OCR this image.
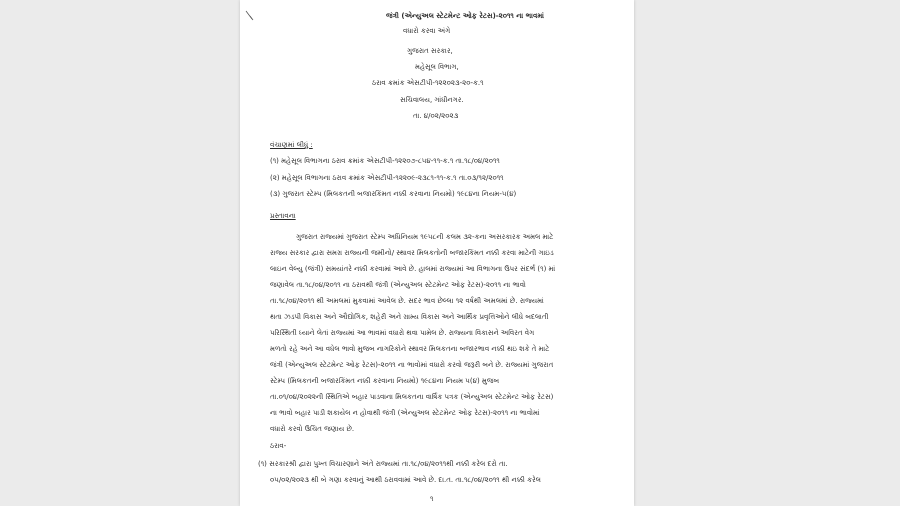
જંત્રી (એન્યુઅલ સ્ટેટમેન્ટ ઓફ રેટસ)-૨૦૧૧ ના ભાવમાં
વધારો કરવા અંગે
ગુજરાત સરકાર,
મહેસૂલ વિભાગ,
ઠરાવ ક્રમાંક એસટીપી-૧૨૨૦૨૩-૨૦-ક.૧
સચિવાલય, ગાંધીનગર.
તા. ૪/૦૨/૨૦૨૩
વંચાણમાં લીધું :
(૧) મહેસૂલ વિભાગના ઠરાવ ક્રમાંક એસટીપી-૧૨૨૦૭-૮૫૪-૧૧-ક.૧ તા.૧૮/૦૪/૨૦૧૧
(૨) મહેસૂલ વિભાગના ઠરાવ ક્રમાંક એસટીપી-૧૨૨૦૯-૨૩૮૧-૧૧-ક.૧ તા.૦૩/૧૨/૨૦૧૧
(૩) ગુજરાત સ્ટેમ્પ (મિલકતની બજારકિંમત નક્કી કરવાના નિયમો) ૧૯૮૪ના નિયમ-૫(૪)
પ્રસ્તાવના
ગુજરાત રાજ્યમાં ગુજરાત સ્ટેમ્પ અધિનિયમ ૧૯૫૮ની કલમ ૩૨-કના અસરકારક અમલ માટે
રાજ્ય સરકાર દ્વારા સમગ્ર રાજ્યની જમીનો/ સ્થાવર મિલકતોની બજારકિંમત નક્કી કરવા માટેની ગાઇડ
લાઇન વેલ્યુ (જંત્રી) સમયાંતરે નક્કી કરવામાં આવે છે. હાલમાં રાજ્યમાં આ વિભાગના ઉપર સંદર્ભ (૧) માં
જણાવેલ તા.૧૮/૦૪/૨૦૧૧ ના ઠરાવથી જંત્રી (એન્યુઅલ સ્ટેટમેન્ટ ઓફ રેટસ)-૨૦૧૧ ના ભાવો
તા.૧૮/૦૪/૨૦૧૧ થી અમલમાં મુકવામાં આવેલ છે. સદર ભાવ છેલ્લા ૧૨ વર્ષથી અમલમાં છે. રાજ્યમાં
થતા ઝડપી વિકાસ અને ઔદ્યોગિક, શહેરી અને ગ્રામ્ય વિકાસ અને આર્થિક પ્રવૃત્તિઓને લીધે બદલાતી
પરિસ્થિતી ધ્યાને લેતાં રાજ્યમાં આ ભાવમાં વધારો થવા પામેલ છે. રાજ્યના વિકાસને અવિરત વેગ
મળતો રહે અને આ વધેલ ભાવો મુજબ નાગરિકોને સ્થાવર મિલકતના બજારભાવ નક્કી થઇ શકે તે માટે
જંત્રી (એન્યુઅલ સ્ટેટમેન્ટ ઓફ રેટસ)-૨૦૧૧ ના ભાવોમાં વધારો કરવો જરૂરી બને છે. રાજ્યમાં ગુજરાત
સ્ટેમ્પ (મિલકતની બજારકિંમત નક્કી કરવાના નિયમો) ૧૯૮૪ના નિયમ ૫(૪) મુજબ
તા.૦૧/૦૪/૨૦૨૨ની સ્થિતિએ બહાર પાડવાના મિલકતના વાર્ષિક પત્રક (એન્યુઅલ સ્ટેટમેન્ટ ઓફ રેટસ)
ના ભાવો બહાર પાડી શકાયેલ ન હોવાથી જંત્રી (એન્યુઅલ સ્ટેટમેન્ટ ઓફ રેટસ)-૨૦૧૧ ના ભાવોમાં
વધારો કરવો ઉચિત જણાય છે.
ઠરાવ-
(૧) સરકારશ્રી દ્વારા પુખ્ત વિચારણાને અંતે રાજ્યમાં તા.૧૮/૦૪/૨૦૧૧થી નક્કી કરેલ દરો તા.
૦૫/૦૨/૨૦૨૩ થી બે ગણા કરવાનું આથી ઠરાવવામાં આવે છે. દા.ત. તા.૧૮/૦૪/૨૦૧૧ થી નક્કી કરેલ
૧
